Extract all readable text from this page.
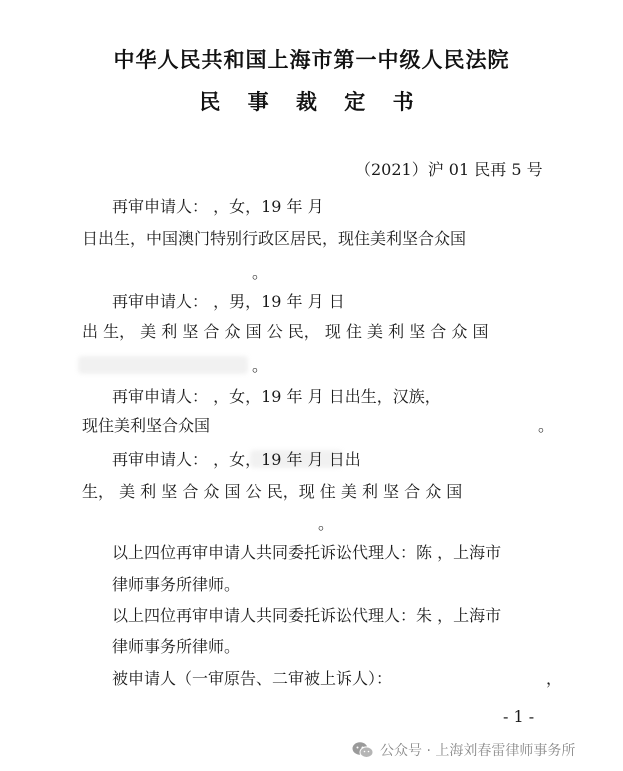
中华人民共和国上海市第一中级人民法院
民 事 裁 定 书
（2021）沪 01 民再 5 号
再审申请人： ，女，19 年 月
日出生，中国澳门特别行政区居民，现住美利坚合众国
。
再审申请人： ，男，19 年 月 日
出 生， 美 利 坚 合 众 国 公 民， 现 住 美 利 坚 合 众 国
。
再审申请人： ，女，19 年 月 日出生，汉族，
现住美利坚合众国	。
再审申请人： ，女，19 年 月 日出
生， 美 利 坚 合 众 国 公 民，现 住 美 利 坚 合 众 国
。
以上四位再审申请人共同委托诉讼代理人：陈 ，上海市
律师事务所律师。
以上四位再审申请人共同委托诉讼代理人：朱 ，上海市
律师事务所律师。
被申请人（一审原告、二审被上诉人）：	，
- 1 -
公众号 · 上海刘春雷律师事务所
